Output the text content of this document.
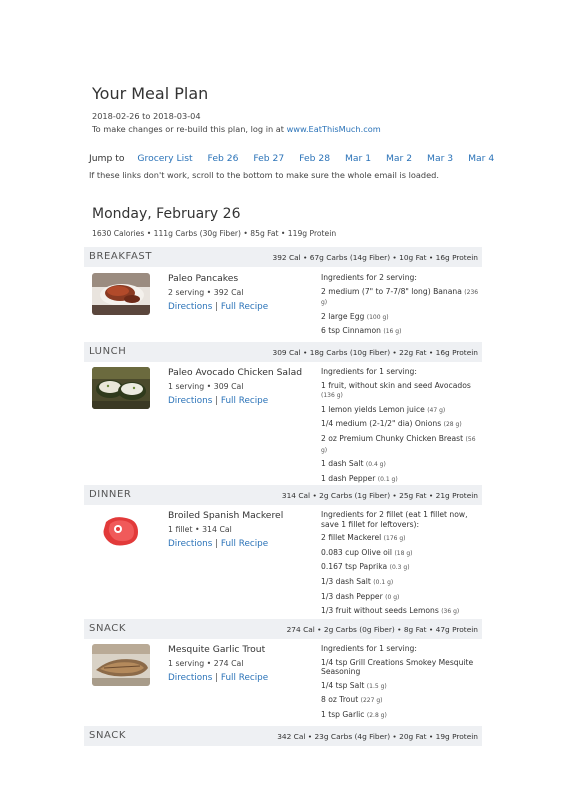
Your Meal Plan
2018-02-26 to 2018-03-04
To make changes or re-build this plan, log in at www.EatThisMuch.com
Jump to Grocery List Feb 26 Feb 27 Feb 28 Mar 1 Mar 2 Mar 3 Mar 4
If these links don't work, scroll to the bottom to make sure the whole email is loaded.
Monday, February 26
1630 Calories • 111g Carbs (30g Fiber) • 85g Fat • 119g Protein
BREAKFAST	392 Cal • 67g Carbs (14g Fiber) • 10g Fat • 16g Protein
Paleo Pancakes
2 serving • 392 Cal
Directions | Full Recipe
Ingredients for 2 serving:
2 medium (7" to 7-7/8" long) Banana (236 g)
2 large Egg (100 g)
6 tsp Cinnamon (16 g)
LUNCH	309 Cal • 18g Carbs (10g Fiber) • 22g Fat • 16g Protein
Paleo Avocado Chicken Salad
1 serving • 309 Cal
Directions | Full Recipe
Ingredients for 1 serving:
1 fruit, without skin and seed Avocados (136 g)
1 lemon yields Lemon juice (47 g)
1/4 medium (2-1/2" dia) Onions (28 g)
2 oz Premium Chunky Chicken Breast (56 g)
1 dash Salt (0.4 g)
1 dash Pepper (0.1 g)
DINNER	314 Cal • 2g Carbs (1g Fiber) • 25g Fat • 21g Protein
Broiled Spanish Mackerel
1 fillet • 314 Cal
Directions | Full Recipe
Ingredients for 2 fillet (eat 1 fillet now, save 1 fillet for leftovers):
2 fillet Mackerel (176 g)
0.083 cup Olive oil (18 g)
0.167 tsp Paprika (0.3 g)
1/3 dash Salt (0.1 g)
1/3 dash Pepper (0 g)
1/3 fruit without seeds Lemons (36 g)
SNACK	274 Cal • 2g Carbs (0g Fiber) • 8g Fat • 47g Protein
Mesquite Garlic Trout
1 serving • 274 Cal
Directions | Full Recipe
Ingredients for 1 serving:
1/4 tsp Grill Creations Smokey Mesquite Seasoning
1/4 tsp Salt (1.5 g)
8 oz Trout (227 g)
1 tsp Garlic (2.8 g)
SNACK	342 Cal • 23g Carbs (4g Fiber) • 20g Fat • 19g Protein
